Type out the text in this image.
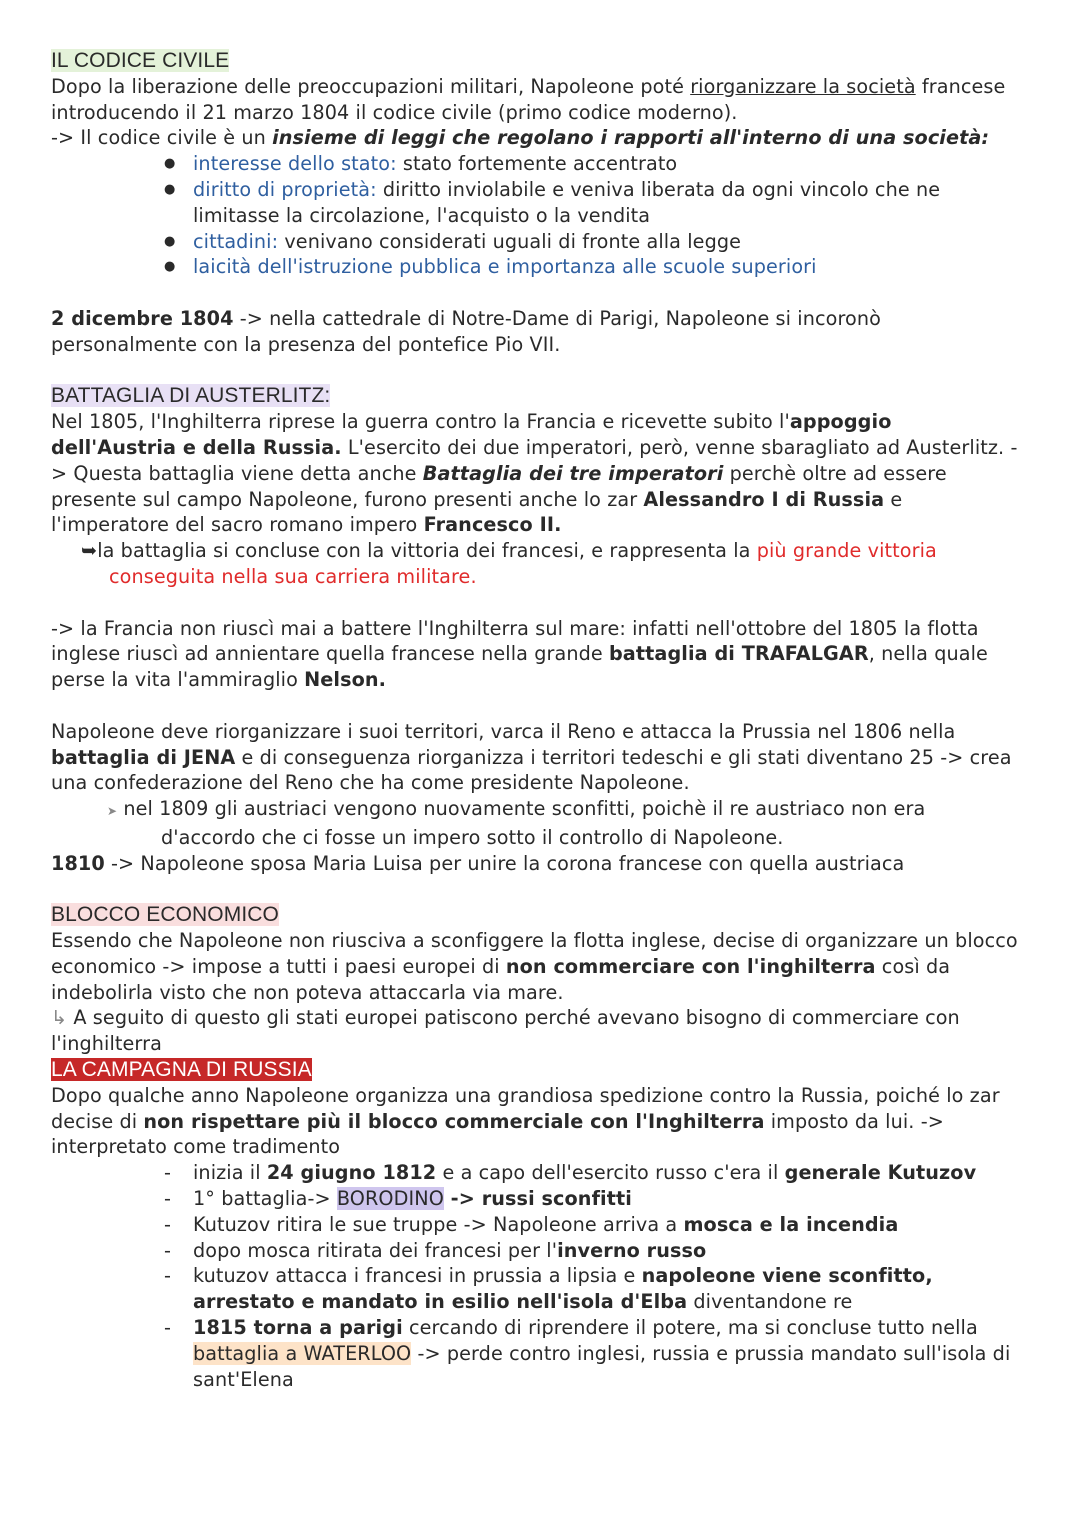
IL CODICE CIVILE

Dopo la liberazione delle preoccupazioni militari, Napoleone poté riorganizzare la società francese introducendo il 21 marzo 1804 il codice civile (primo codice moderno).

-> Il codice civile è un insieme di leggi che regolano i rapporti all'interno di una società:

● interesse dello stato: stato fortemente accentrato
● diritto di proprietà: diritto inviolabile e veniva liberata da ogni vincolo che ne limitasse la circolazione, l'acquisto o la vendita
● cittadini: venivano considerati uguali di fronte alla legge
● laicità dell'istruzione pubblica e importanza alle scuole superiori

2 dicembre 1804 -> nella cattedrale di Notre-Dame di Parigi, Napoleone si incoronò personalmente con la presenza del pontefice Pio VII.

BATTAGLIA DI AUSTERLITZ:

Nel 1805, l'Inghilterra riprese la guerra contro la Francia e ricevette subito l'appoggio dell'Austria e della Russia. L'esercito dei due imperatori, però, venne sbaragliato ad Austerlitz. -> Questa battaglia viene detta anche Battaglia dei tre imperatori perchè oltre ad essere presente sul campo Napoleone, furono presenti anche lo zar Alessandro I di Russia e l'imperatore del sacro romano impero Francesco II.

➥la battaglia si concluse con la vittoria dei francesi, e rappresenta la più grande vittoria

conseguita nella sua carriera militare.

-> la Francia non riuscì mai a battere l'Inghilterra sul mare: infatti nell'ottobre del 1805 la flotta inglese riuscì ad annientare quella francese nella grande battaglia di TRAFALGAR, nella quale perse la vita l'ammiraglio Nelson.

Napoleone deve riorganizzare i suoi territori, varca il Reno e attacca la Prussia nel 1806 nella battaglia di JENA e di conseguenza riorganizza i territori tedeschi e gli stati diventano 25 -> crea una confederazione del Reno che ha come presidente Napoleone.

➤ nel 1809 gli austriaci vengono nuovamente sconfitti, poichè il re austriaco non era

d'accordo che ci fosse un impero sotto il controllo di Napoleone.

1810 -> Napoleone sposa Maria Luisa per unire la corona francese con quella austriaca

BLOCCO ECONOMICO

Essendo che Napoleone non riusciva a sconfiggere la flotta inglese, decise di organizzare un blocco economico -> impose a tutti i paesi europei di non commerciare con l'inghilterra così da indebolirla visto che non poteva attaccarla via mare.

↳ A seguito di questo gli stati europei patiscono perché avevano bisogno di commerciare con l'inghilterra

LA CAMPAGNA DI RUSSIA

Dopo qualche anno Napoleone organizza una grandiosa spedizione contro la Russia, poiché lo zar decise di non rispettare più il blocco commerciale con l'Inghilterra imposto da lui. -> interpretato come tradimento

- inizia il 24 giugno 1812 e a capo dell'esercito russo c'era il generale Kutuzov
- 1° battaglia-> BORODINO -> russi sconfitti
- Kutuzov ritira le sue truppe -> Napoleone arriva a mosca e la incendia
- dopo mosca ritirata dei francesi per l'inverno russo
- kutuzov attacca i francesi in prussia a lipsia e napoleone viene sconfitto, arrestato e mandato in esilio nell'isola d'Elba diventandone re
- 1815 torna a parigi cercando di riprendere il potere, ma si concluse tutto nella battaglia a WATERLOO -> perde contro inglesi, russia e prussia mandato sull'isola di sant'Elena
